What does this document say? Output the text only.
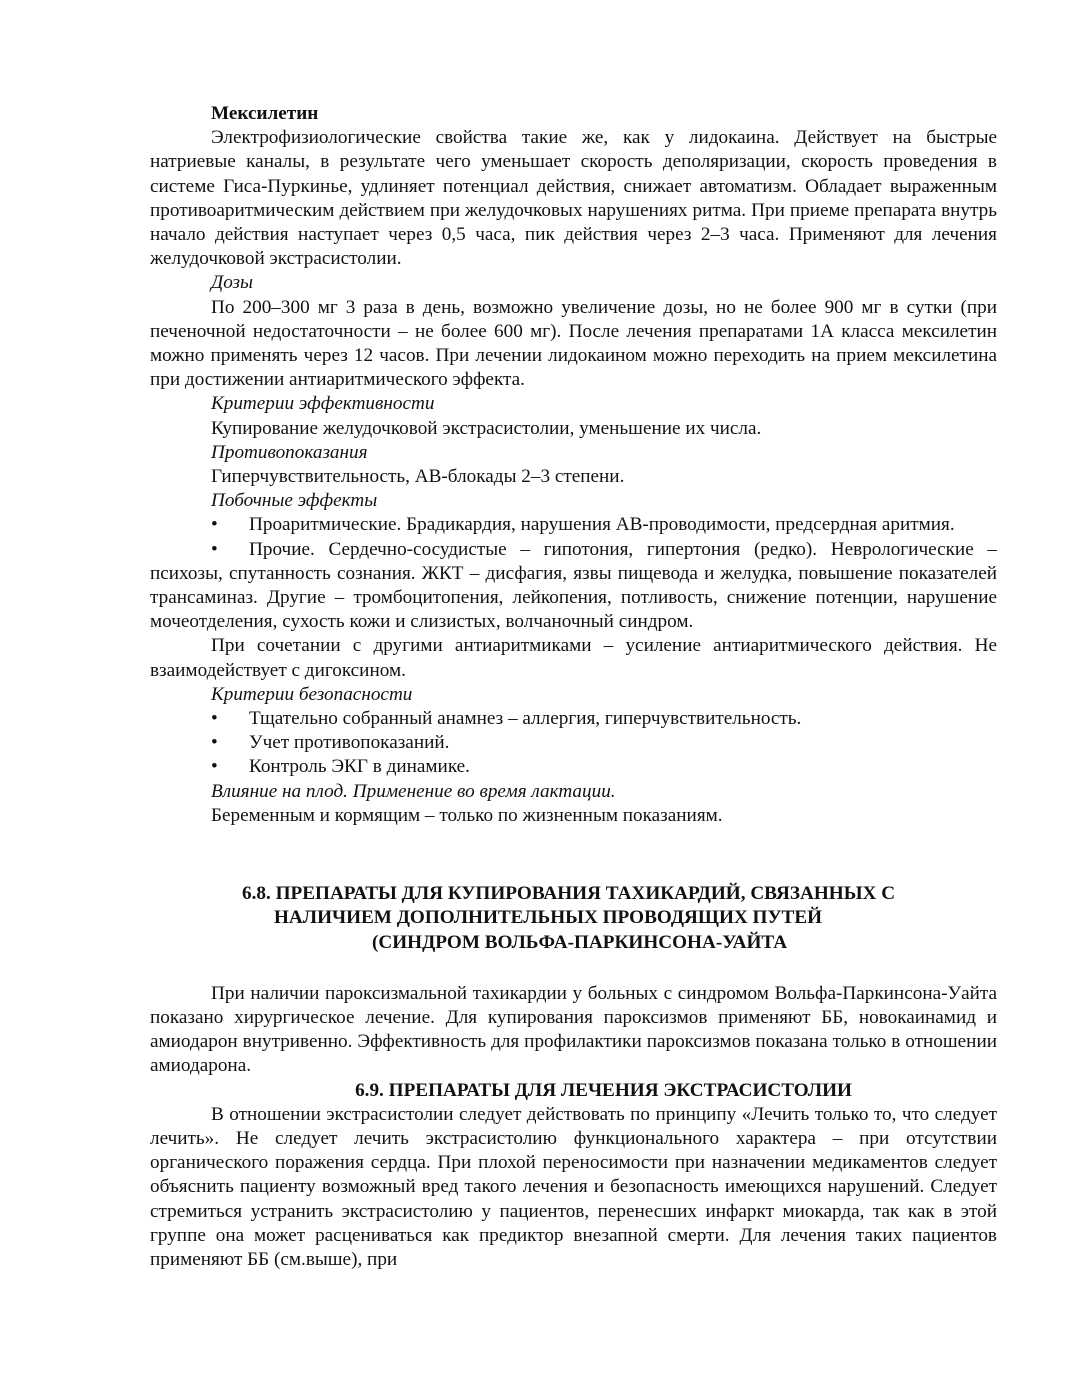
Мексилетин

Электрофизиологические свойства такие же, как у лидокаина. Действует на быстрые натриевые каналы, в результате чего уменьшает скорость деполяризации, скорость проведения в системе Гиса-Пуркинье, удлиняет потенциал действия, снижает автоматизм. Обладает выраженным противоаритмическим действием при желудочковых нарушениях ритма. При приеме препарата внутрь начало действия наступает через 0,5 часа, пик действия через 2–3 часа. Применяют для лечения желудочковой экстрасистолии.

Дозы

По 200–300 мг 3 раза в день, возможно увеличение дозы, но не более 900 мг в сутки (при печеночной недостаточности – не более 600 мг). После лечения препаратами 1А класса мексилетин можно применять через 12 часов. При лечении лидокаином можно переходить на прием мексилетина при достижении антиаритмического эффекта.

Критерии эффективности

Купирование желудочковой экстрасистолии, уменьшение их числа.

Противопоказания

Гиперчувствительность, АВ-блокады 2–3 степени.

Побочные эффекты

• Проаритмические. Брадикардия, нарушения АВ-проводимости, предсердная аритмия.

• Прочие. Сердечно-сосудистые – гипотония, гипертония (редко). Неврологические – психозы, спутанность сознания. ЖКТ – дисфагия, язвы пищевода и желудка, повышение показателей трансаминаз. Другие – тромбоцитопения, лейкопения, потливость, снижение потенции, нарушение мочеотделения, сухость кожи и слизистых, волчаночный синдром.

При сочетании с другими антиаритмиками – усиление антиаритмического действия. Не взаимодействует с дигоксином.

Критерии безопасности

• Тщательно собранный анамнез – аллергия, гиперчувствительность.

• Учет противопоказаний.

• Контроль ЭКГ в динамике.

Влияние на плод. Применение во время лактации.

Беременным и кормящим – только по жизненным показаниям.

6.8. ПРЕПАРАТЫ ДЛЯ КУПИРОВАНИЯ ТАХИКАРДИЙ, СВЯЗАННЫХ С

НАЛИЧИЕМ ДОПОЛНИТЕЛЬНЫХ ПРОВОДЯЩИХ ПУТЕЙ

(СИНДРОМ ВОЛЬФА-ПАРКИНСОНА-УАЙТА

При наличии пароксизмальной тахикардии у больных с синдромом Вольфа-Паркинсона-Уайта показано хирургическое лечение. Для купирования пароксизмов применяют ББ, новокаинамид и амиодарон внутривенно. Эффективность для профилактики пароксизмов показана только в отношении амиодарона.

6.9. ПРЕПАРАТЫ ДЛЯ ЛЕЧЕНИЯ ЭКСТРАСИСТОЛИИ

В отношении экстрасистолии следует действовать по принципу «Лечить только то, что следует лечить». Не следует лечить экстрасистолию функционального характера – при отсутствии органического поражения сердца. При плохой переносимости при назначении медикаментов следует объяснить пациенту возможный вред такого лечения и безопасность имеющихся нарушений. Следует стремиться устранить экстрасистолию у пациентов, перенесших инфаркт миокарда, так как в этой группе она может расцениваться как предиктор внезапной смерти. Для лечения таких пациентов применяют ББ (см.выше), при
